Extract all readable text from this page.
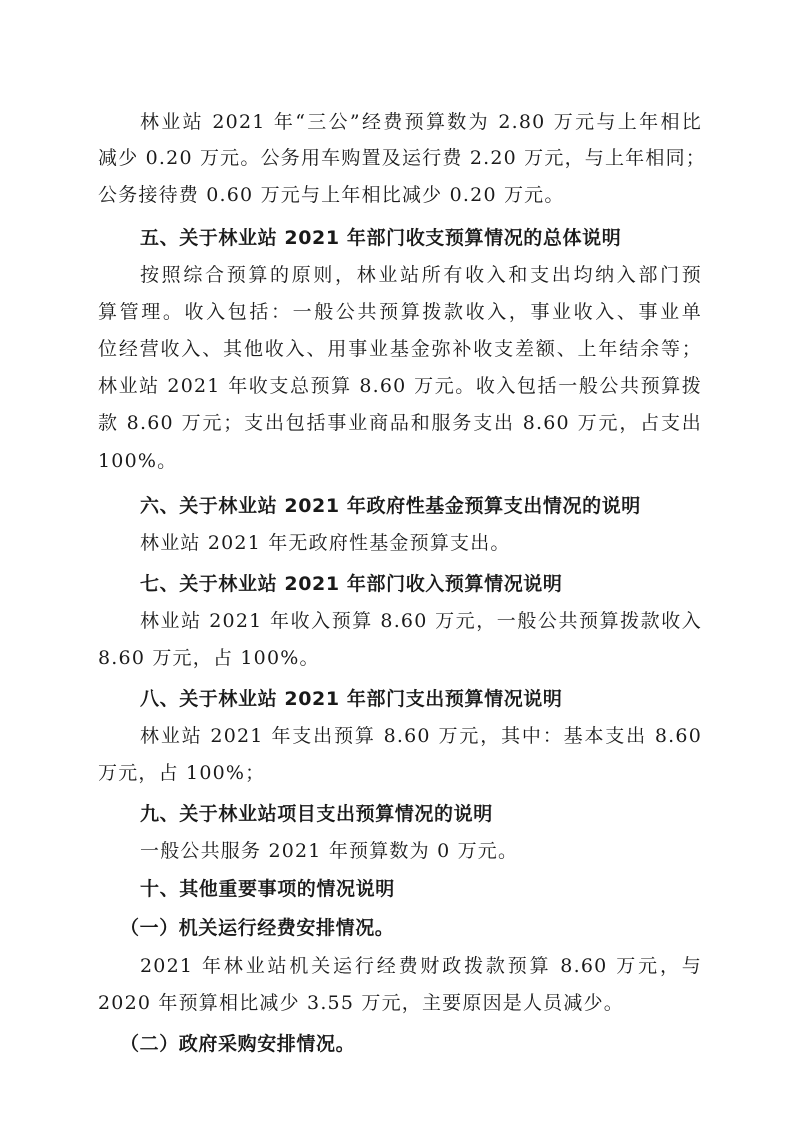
林业站 2021 年“三公”经费预算数为 2.80 万元与上年相比
减少 0.20 万元。公务用车购置及运行费 2.20 万元，与上年相同；
公务接待费 0.60 万元与上年相比减少 0.20 万元。
五、关于林业站 2021 年部门收支预算情况的总体说明
按照综合预算的原则，林业站所有收入和支出均纳入部门预
算管理。收入包括：一般公共预算拨款收入，事业收入、事业单
位经营收入、其他收入、用事业基金弥补收支差额、上年结余等；
林业站 2021 年收支总预算 8.60 万元。收入包括一般公共预算拨
款 8.60 万元；支出包括事业商品和服务支出 8.60 万元，占支出
100%。
六、关于林业站 2021 年政府性基金预算支出情况的说明
林业站 2021 年无政府性基金预算支出。
七、关于林业站 2021 年部门收入预算情况说明
林业站 2021 年收入预算 8.60 万元，一般公共预算拨款收入
8.60 万元，占 100%。
八、关于林业站 2021 年部门支出预算情况说明
林业站 2021 年支出预算 8.60 万元，其中：基本支出 8.60
万元，占 100%；
九、关于林业站项目支出预算情况的说明
一般公共服务 2021 年预算数为 0 万元。
十、其他重要事项的情况说明
（一）机关运行经费安排情况。
2021 年林业站机关运行经费财政拨款预算 8.60 万元，与
2020 年预算相比减少 3.55 万元，主要原因是人员减少。
（二）政府采购安排情况。
